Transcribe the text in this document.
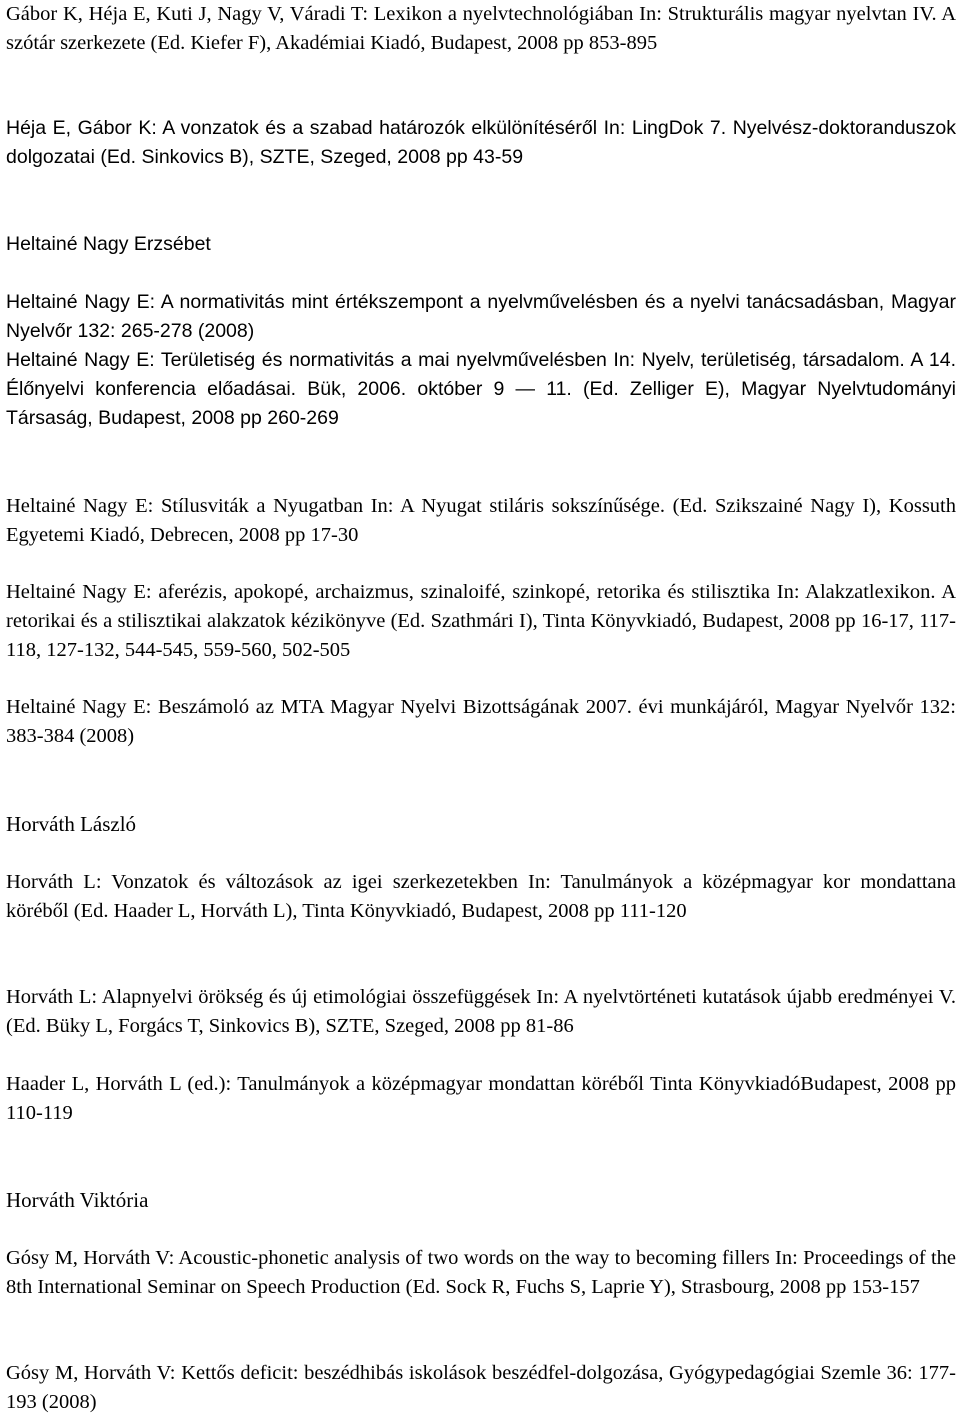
Gábor K, Héja E, Kuti J, Nagy V, Váradi T: Lexikon a nyelvtechnológiában In: Strukturális magyar nyelvtan IV. A szótár szerkezete (Ed. Kiefer F), Akadémiai Kiadó, Budapest, 2008 pp 853-895

Héja E, Gábor K: A vonzatok és a szabad határozók elkülönítéséről In: LingDok 7. Nyelvész-doktoranduszok dolgozatai (Ed. Sinkovics B), SZTE, Szeged, 2008 pp 43-59

Heltainé Nagy Erzsébet

Heltainé Nagy E: A normativitás mint értékszempont a nyelvművelésben és a nyelvi tanácsadásban, Magyar Nyelvőr 132: 265-278 (2008)

Heltainé Nagy E: Területiség és normativitás a mai nyelvművelésben In: Nyelv, területiség, társadalom. A 14. Élőnyelvi konferencia előadásai. Bük, 2006. október 9 — 11. (Ed. Zelliger E), Magyar Nyelvtudományi Társaság, Budapest, 2008 pp 260-269

Heltainé Nagy E: Stílusviták a Nyugatban In: A Nyugat stiláris sokszínűsége. (Ed. Szikszainé Nagy I), Kossuth Egyetemi Kiadó, Debrecen, 2008 pp 17-30

Heltainé Nagy E: aferézis, apokopé, archaizmus, szinaloifé, szinkopé, retorika és stilisztika In: Alakzatlexikon. A retorikai és a stilisztikai alakzatok kézikönyve (Ed. Szathmári I), Tinta Könyvkiadó, Budapest, 2008 pp 16-17, 117-118, 127-132, 544-545, 559-560, 502-505

Heltainé Nagy E: Beszámoló az MTA Magyar Nyelvi Bizottságának 2007. évi munkájáról, Magyar Nyelvőr 132: 383-384 (2008)

Horváth László

Horváth L: Vonzatok és változások az igei szerkezetekben In: Tanulmányok a középmagyar kor mondattana köréből (Ed. Haader L, Horváth L), Tinta Könyvkiadó, Budapest, 2008 pp 111-120

Horváth L: Alapnyelvi örökség és új etimológiai összefüggések In: A nyelvtörténeti kutatások újabb eredményei V. (Ed. Büky L, Forgács T, Sinkovics B), SZTE, Szeged, 2008 pp 81-86

Haader L, Horváth L (ed.): Tanulmányok a középmagyar mondattan köréből Tinta KönyvkiadóBudapest, 2008 pp 110-119

Horváth Viktória

Gósy M, Horváth V: Acoustic-phonetic analysis of two words on the way to becoming fillers In: Proceedings of the 8th International Seminar on Speech Production (Ed. Sock R, Fuchs S, Laprie Y), Strasbourg, 2008 pp 153-157

Gósy M, Horváth V: Kettős deficit: beszédhibás iskolások beszédfel-dolgozása, Gyógypedagógiai Szemle 36: 177-193 (2008)
